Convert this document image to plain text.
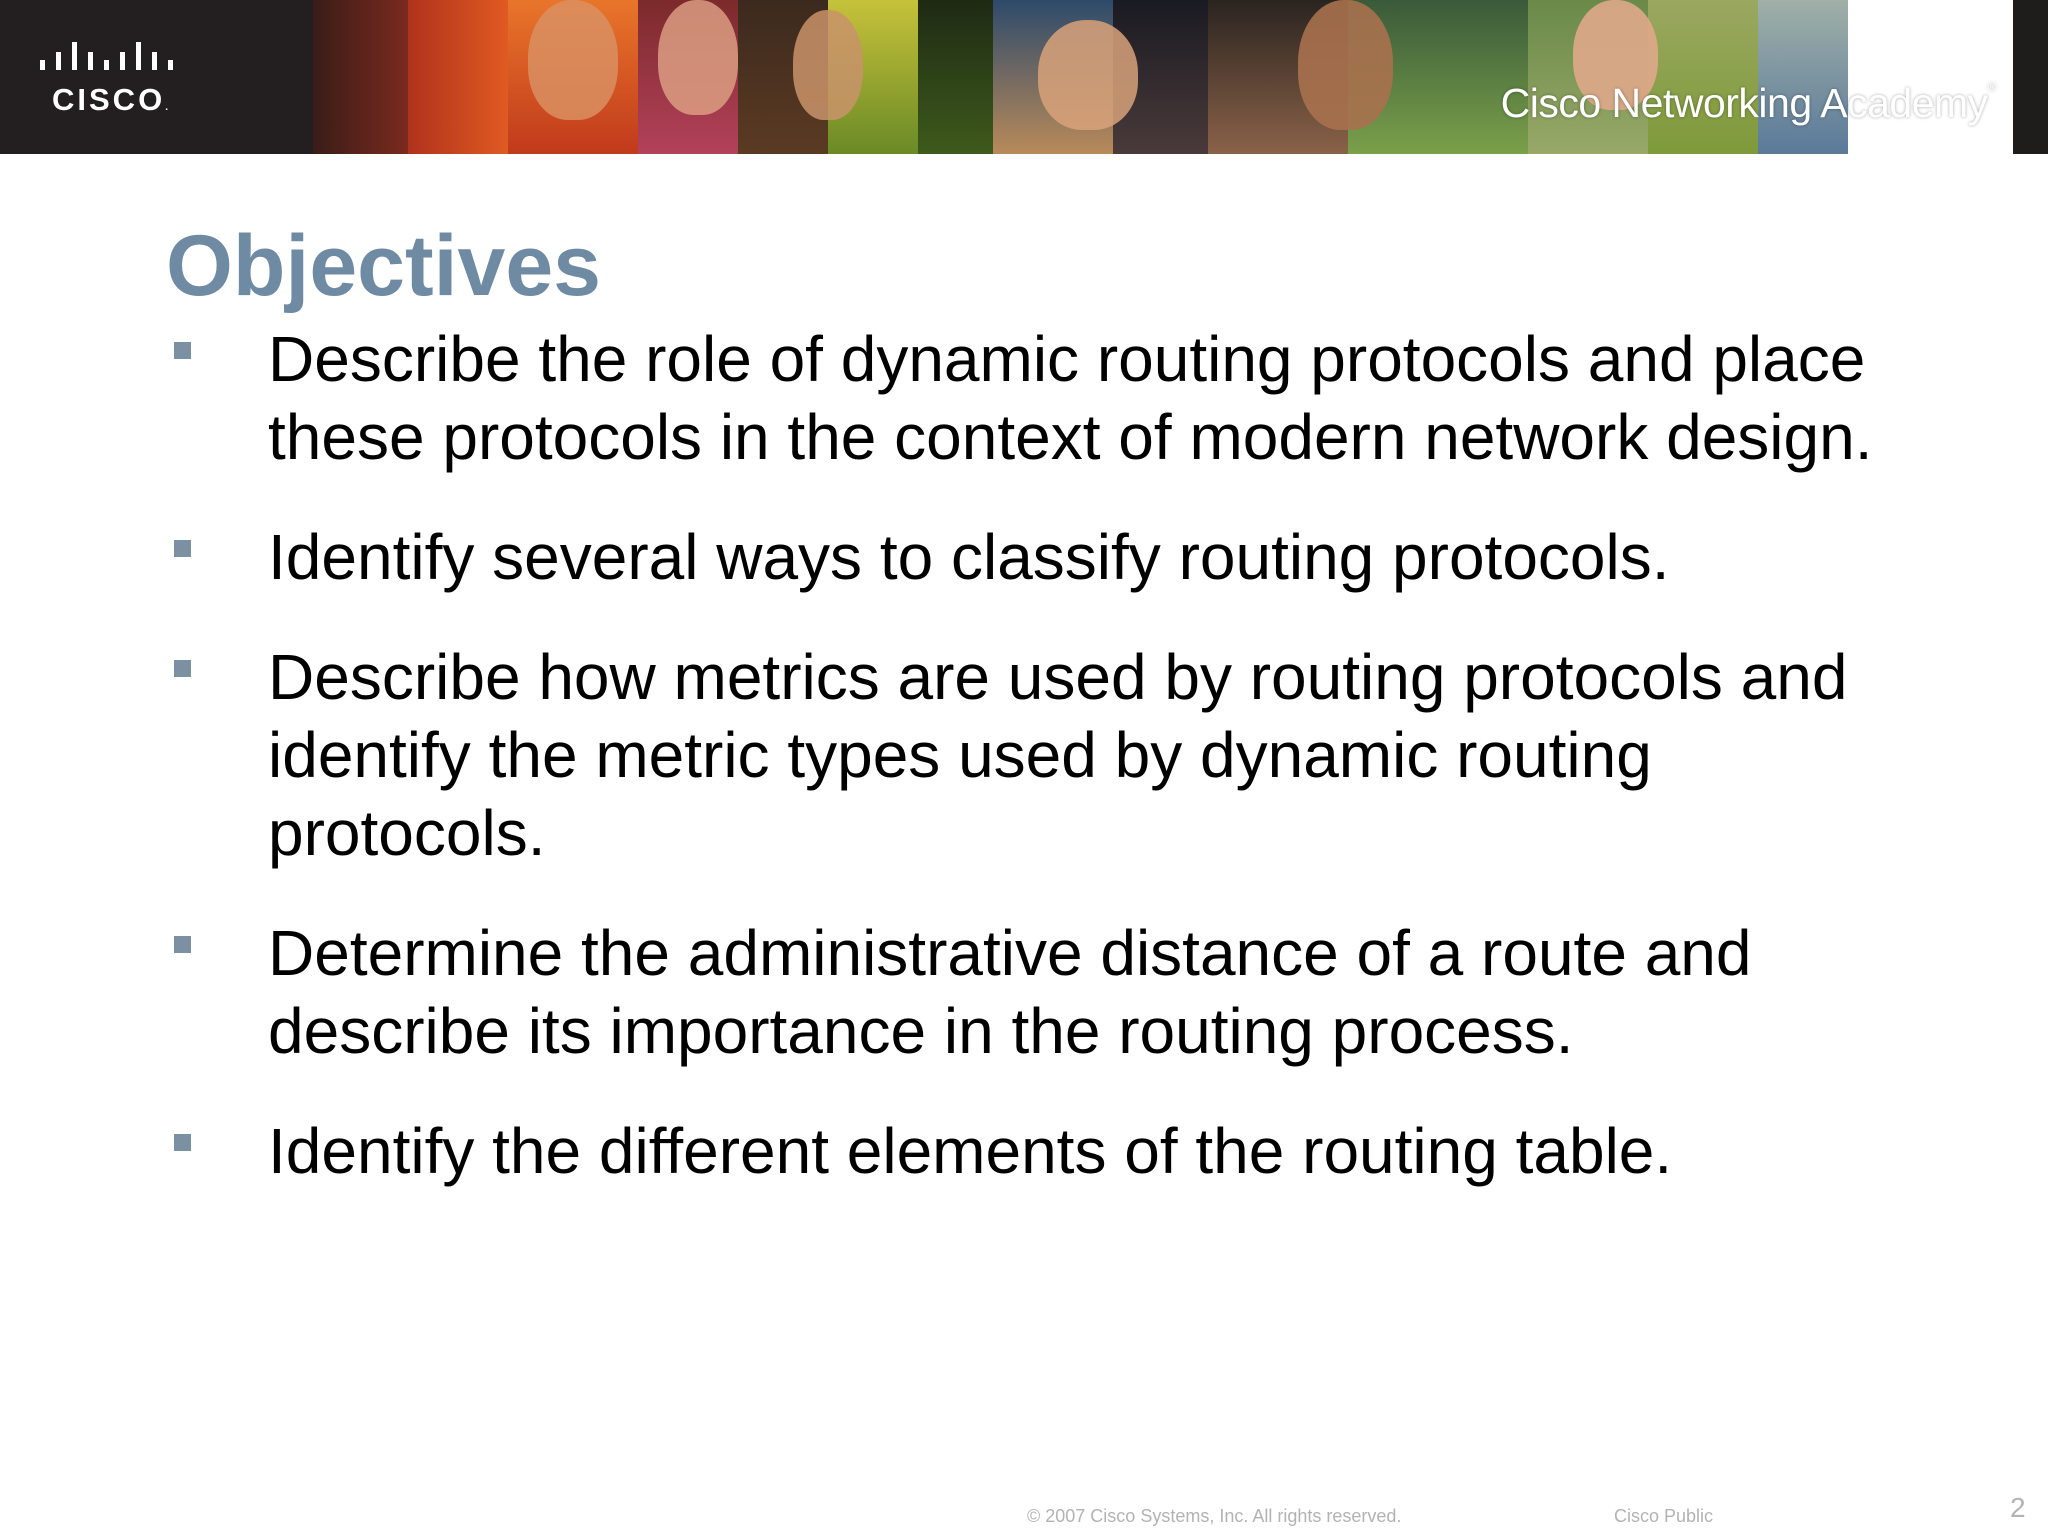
CISCO.	Cisco Networking Academy®
Objectives
Describe the role of dynamic routing protocols and place these protocols in the context of modern network design.
Identify several ways to classify routing protocols.
Describe how metrics are used by routing protocols and identify the metric types used by dynamic routing protocols.
Determine the administrative distance of a route and describe its importance in the routing process.
Identify the different elements of the routing table.
© 2007 Cisco Systems, Inc. All rights reserved.	Cisco Public	2
